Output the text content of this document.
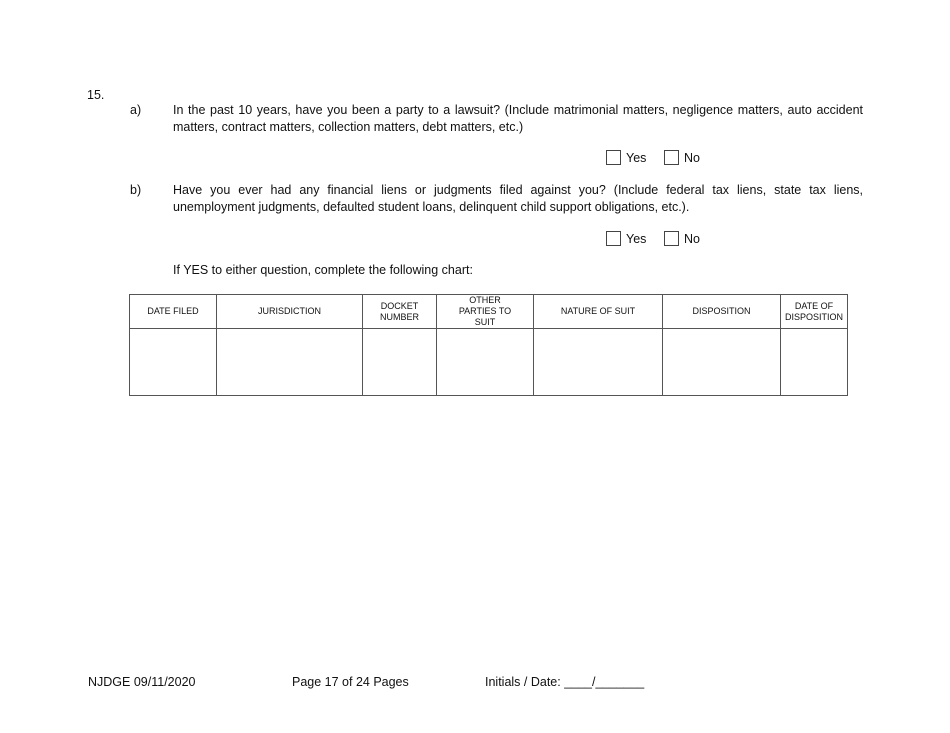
15.
a)	In the past 10 years, have you been a party to a lawsuit? (Include matrimonial matters, negligence matters, auto accident matters, contract matters, collection matters, debt matters, etc.)
Yes	No
b)	Have you ever had any financial liens or judgments filed against you? (Include federal tax liens, state tax liens, unemployment judgments, defaulted student loans, delinquent child support obligations, etc.).
Yes	No
If YES to either question, complete the following chart:
DATE FILED	JURISDICTION	DOCKET NUMBER	OTHER PARTIES TO SUIT	NATURE OF SUIT	DISPOSITION	DATE OF DISPOSITION

NJDGE 09/11/2020	Page 17 of 24 Pages	Initials / Date: ____/_______
